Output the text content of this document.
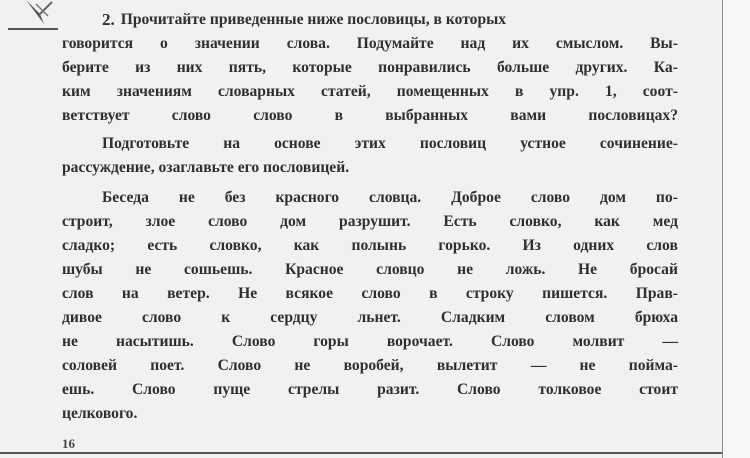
2. Прочитайте приведенные ниже пословицы, в которых
говорится о значении слова. Подумайте над их смыслом. Вы-
берите из них пять, которые понравились больше других. Ка-
ким значениям словарных статей, помещенных в упр. 1, соот-
ветствует	слово	слово	в	выбранных	вами	пословицах?
Подготовьте на основе этих пословиц устное сочинение-
рассуждение, озаглавьте его пословицей.
Беседа не без красного словца. Доброе слово дом по-
строит, злое слово дом разрушит. Есть словко, как мед
сладко; есть словко, как полынь горько. Из одних слов
шубы не сошьешь. Красное словцо не ложь. Не бросай
слов на ветер. Не всякое слово в строку пишется. Прав-
дивое	слово	к	сердцу	льнет.	Сладким	словом	брюха
не насытишь. Слово горы ворочает. Слово молвит —
соловей поет. Слово не воробей, вылетит — не пойма-
ешь. Слово пуще стрелы разит. Слово толковое стоит
целкового.
16
